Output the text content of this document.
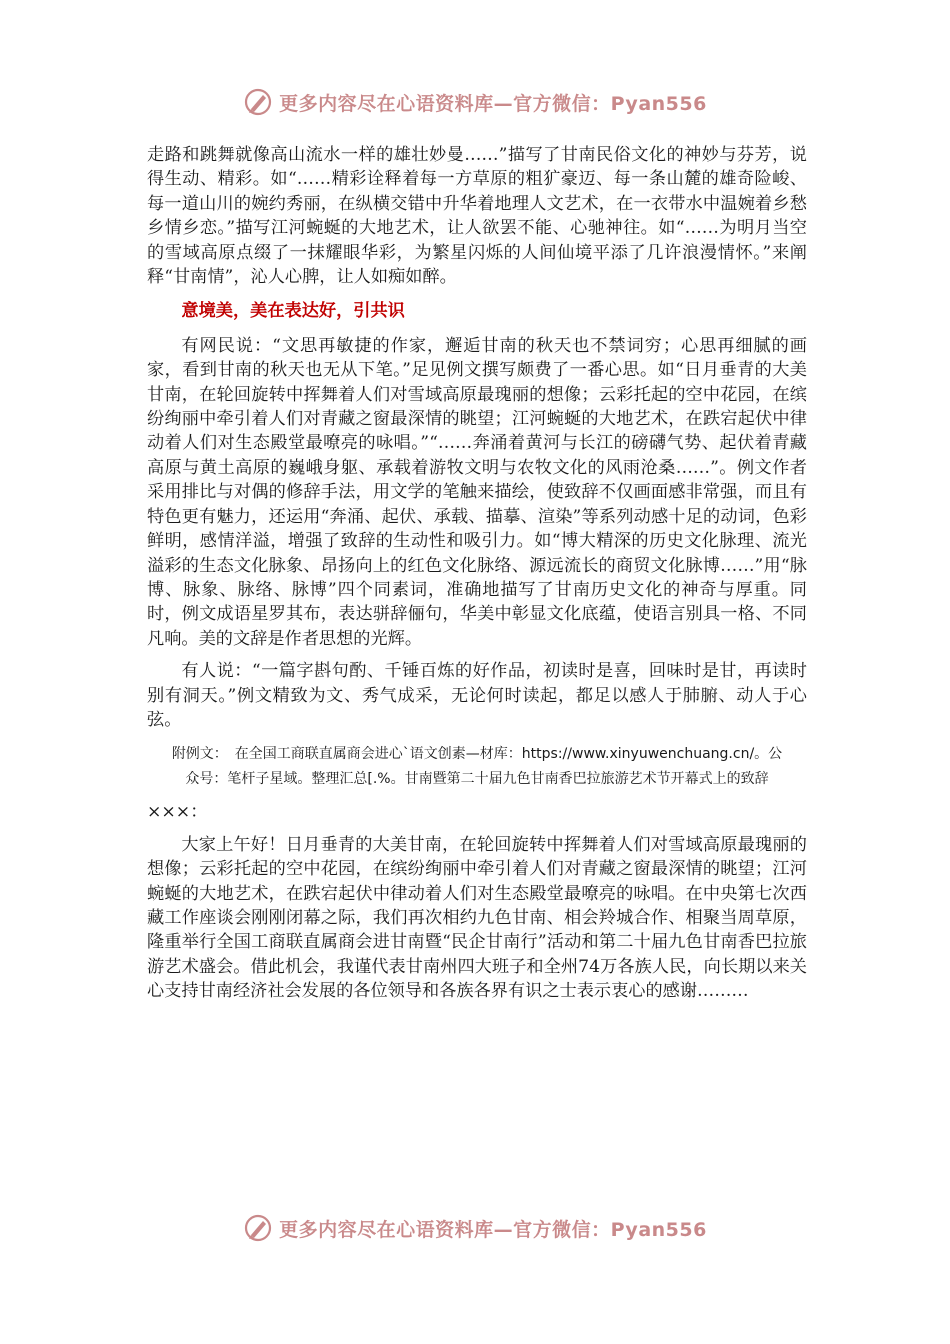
更多内容尽在心语资料库—官方微信：Pyan556

走路和跳舞就像高山流水一样的雄壮妙曼……”描写了甘南民俗文化的神妙与芬芳，说得生动、精彩。如“……精彩诠释着每一方草原的粗犷豪迈、每一条山麓的雄奇险峻、每一道山川的婉约秀丽，在纵横交错中升华着地理人文艺术，在一衣带水中温婉着乡愁乡情乡恋。”描写江河蜿蜒的大地艺术，让人欲罢不能、心驰神往。如“……为明月当空的雪域高原点缀了一抹耀眼华彩，为繁星闪烁的人间仙境平添了几许浪漫情怀。”来阐释“甘南情”，沁人心脾，让人如痴如醉。

意境美，美在表达好，引共识

有网民说：“文思再敏捷的作家，邂逅甘南的秋天也不禁词穷；心思再细腻的画家，看到甘南的秋天也无从下笔。”足见例文撰写颇费了一番心思。如“日月垂青的大美甘南，在轮回旋转中挥舞着人们对雪域高原最瑰丽的想像；云彩托起的空中花园，在缤纷绚丽中牵引着人们对青藏之窗最深情的眺望；江河蜿蜒的大地艺术，在跌宕起伏中律动着人们对生态殿堂最嘹亮的咏唱。”“……奔涌着黄河与长江的磅礴气势、起伏着青藏高原与黄土高原的巍峨身躯、承载着游牧文明与农牧文化的风雨沧桑……”。例文作者采用排比与对偶的修辞手法，用文学的笔触来描绘，使致辞不仅画面感非常强，而且有特色更有魅力，还运用“奔涌、起伏、承载、描摹、渲染”等系列动感十足的动词，色彩鲜明，感情洋溢，增强了致辞的生动性和吸引力。如“博大精深的历史文化脉理、流光溢彩的生态文化脉象、昂扬向上的红色文化脉络、源远流长的商贸文化脉博……”用“脉博、脉象、脉络、脉博”四个同素词，准确地描写了甘南历史文化的神奇与厚重。同时，例文成语星罗其布，表达骈辞俪句，华美中彰显文化底蕴，使语言别具一格、不同凡响。美的文辞是作者思想的光辉。

有人说：“一篇字斟句酌、千锤百炼的好作品，初读时是喜，回味时是甘，再读时别有洞天。”例文精致为文、秀气成采，无论何时读起，都足以感人于肺腑、动人于心弦。

附例文：　在全国工商联直属商会进心`语文创素—材库：https://www.xinyuwenchuang.cn/。公众号：笔杆子星域。整理汇总[.%。甘南暨第二十届九色甘南香巴拉旅游艺术节开幕式上的致辞

×××：

大家上午好！日月垂青的大美甘南，在轮回旋转中挥舞着人们对雪域高原最瑰丽的想像；云彩托起的空中花园，在缤纷绚丽中牵引着人们对青藏之窗最深情的眺望；江河蜿蜒的大地艺术，在跌宕起伏中律动着人们对生态殿堂最嘹亮的咏唱。在中央第七次西藏工作座谈会刚刚闭幕之际，我们再次相约九色甘南、相会羚城合作、相聚当周草原，隆重举行全国工商联直属商会进甘南暨“民企甘南行”活动和第二十届九色甘南香巴拉旅游艺术盛会。借此机会，我谨代表甘南州四大班子和全州74万各族人民，向长期以来关心支持甘南经济社会发展的各位领导和各族各界有识之士表示衷心的感谢………

更多内容尽在心语资料库—官方微信：Pyan556
